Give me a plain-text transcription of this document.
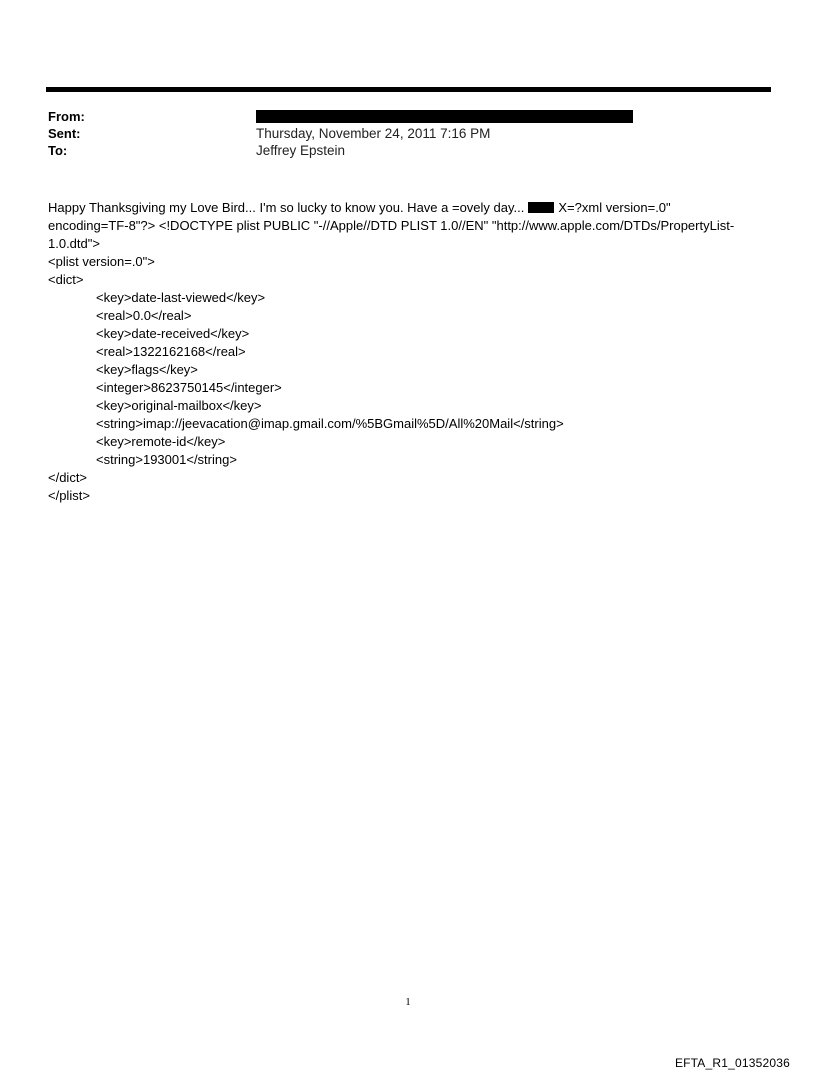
From:
Sent:	Thursday, November 24, 2011 7:16 PM
To:	Jeffrey Epstein
Happy Thanksgiving my Love Bird... I'm so lucky to know you. Have a =ovely day...	X=?xml version=.0"
encoding=TF-8"?> <!DOCTYPE plist PUBLIC "-//Apple//DTD PLIST 1.0//EN" "http://www.apple.com/DTDs/PropertyList-
1.0.dtd">
<plist version=.0">
<dict>
<key>date-last-viewed</key>
<real>0.0</real>
<key>date-received</key>
<real>1322162168</real>
<key>flags</key>
<integer>8623750145</integer>
<key>original-mailbox</key>
<string>imap://jeevacation@imap.gmail.com/%5BGmail%5D/All%20Mail</string>
<key>remote-id</key>
<string>193001</string>
</dict>
</plist>
1
EFTA_R1_01352036
